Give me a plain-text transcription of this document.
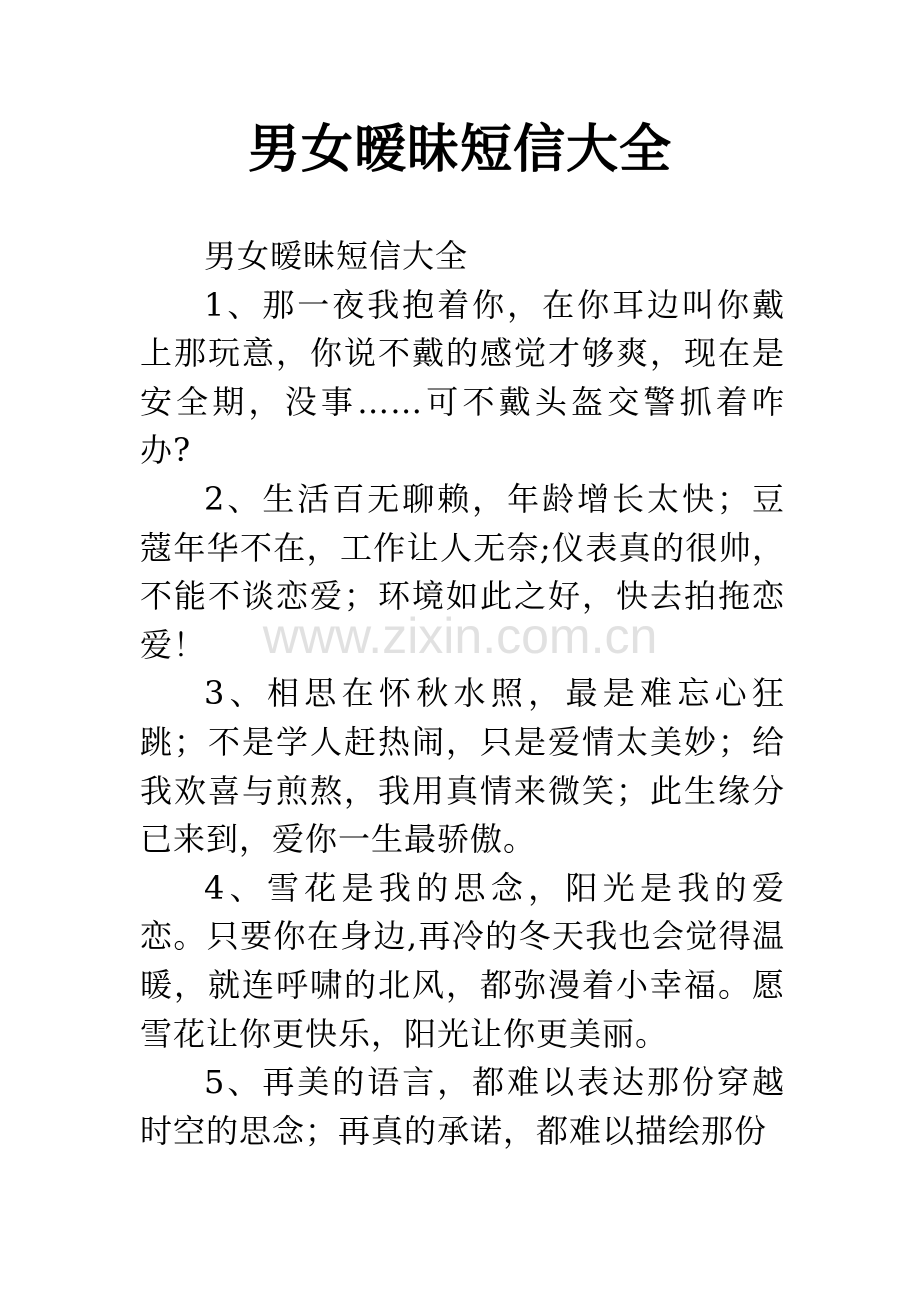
男女暧昧短信大全

男女暧昧短信大全

1、那一夜我抱着你，在你耳边叫你戴上那玩意，你说不戴的感觉才够爽，现在是安全期，没事……可不戴头盔交警抓着咋办?

2、生活百无聊赖，年龄增长太快；豆蔻年华不在，工作让人无奈;仪表真的很帅，不能不谈恋爱；环境如此之好，快去拍拖恋爱！

3、相思在怀秋水照，最是难忘心狂跳；不是学人赶热闹，只是爱情太美妙；给我欢喜与煎熬，我用真情来微笑；此生缘分已来到，爱你一生最骄傲。

4、雪花是我的思念，阳光是我的爱恋。只要你在身边,再冷的冬天我也会觉得温暖，就连呼啸的北风，都弥漫着小幸福。愿雪花让你更快乐，阳光让你更美丽。

5、再美的语言，都难以表达那份穿越时空的思念；再真的承诺，都难以描绘那份

www.zixin.com.cn
